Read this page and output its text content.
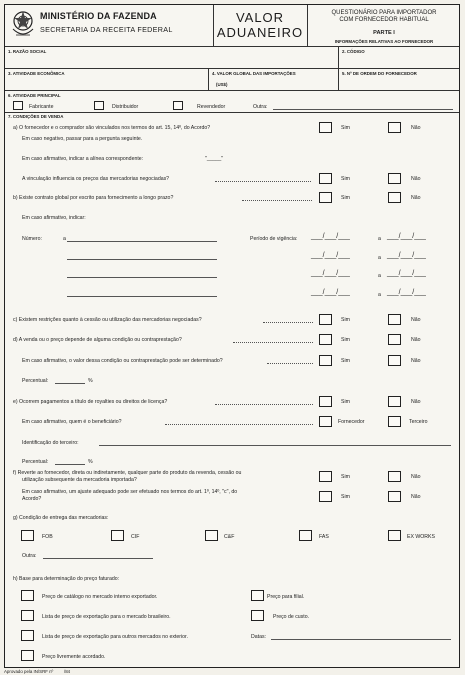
MINISTÉRIO DA FAZENDA
SECRETARIA DA RECEITA FEDERAL
VALOR
ADUANEIRO
QUESTIONÁRIO PARA IMPORTADOR
COM FORNECEDOR HABITUAL
PARTE I
INFORMAÇÕES RELATIVAS AO FORNECEDOR
1. RAZÃO SOCIAL	2. CÓDIGO
3. ATIVIDADE ECONÔMICA	4. VALOR GLOBAL DAS IMPORTAÇÕES
(US$)
5. Nº DE ORDEM DO FORNECEDOR
6. ATIVIDADE PRINCIPAL
Fabricante	Distribuidor	Revendedor	Outra:
7. CONDIÇÕES DE VENDA
a) O fornecedor e o comprador são vinculados nos termos do art. 15, 14º, do Acordo?	Sim	Não
Em caso negativo, passar para a pergunta seguinte.
Em caso afirmativo, indicar a alínea correspondente:	"_____"
A vinculação influencia os preços das mercadorias negociadas?	Sim	Não
b) Existe contrato global por escrito para fornecimento a longo prazo?	Sim	Não
Em caso afirmativo, indicar:
Número:	a	Período de vigência: ___/___/___	a ___/___/___
___/___/___	a ___/___/___
___/___/___	a ___/___/___
___/___/___	a ___/___/___
c) Existem restrições quanto à cessão ou utilização das mercadorias negociadas?	Sim	Não
d) A venda ou o preço depende de alguma condição ou contraprestação?	Sim	Não
Em caso afirmativo, o valor dessa condição ou contraprestação pode ser determinado?	Sim	Não
Percentual:	%
e) Ocorrem pagamentos a título de royalties ou direitos de licença?	Sim	Não
Em caso afirmativo, quem é o beneficiário?	Fornecedor	Terceiro
Identificação do terceiro:
Percentual:	%
f) Reverte ao fornecedor, direta ou indiretamente, qualquer parte do produto da revenda, cessão ou
utilização subsequente da mercadoria importada?	Sim	Não
Em caso afirmativo, um ajuste adequado pode ser efetuado nos termos do art. 1º, 14º, "c", do
Acordo?	Sim	Não
g) Condição de entrega das mercadorias:
FOB	CIF	C&F	FAS	EX WORKS
Outra:
h) Base para determinação do preço faturado:
Preço de catálogo no mercado interno exportador.	Preço para filial.
Lista de preço de exportação para o mercado brasileiro.	Preço de custo.
Lista de preço de exportação para outros mercados no exterior.	Datas:
Preço livremente acordado.
Aprovado pela IN/SRF nº /84
